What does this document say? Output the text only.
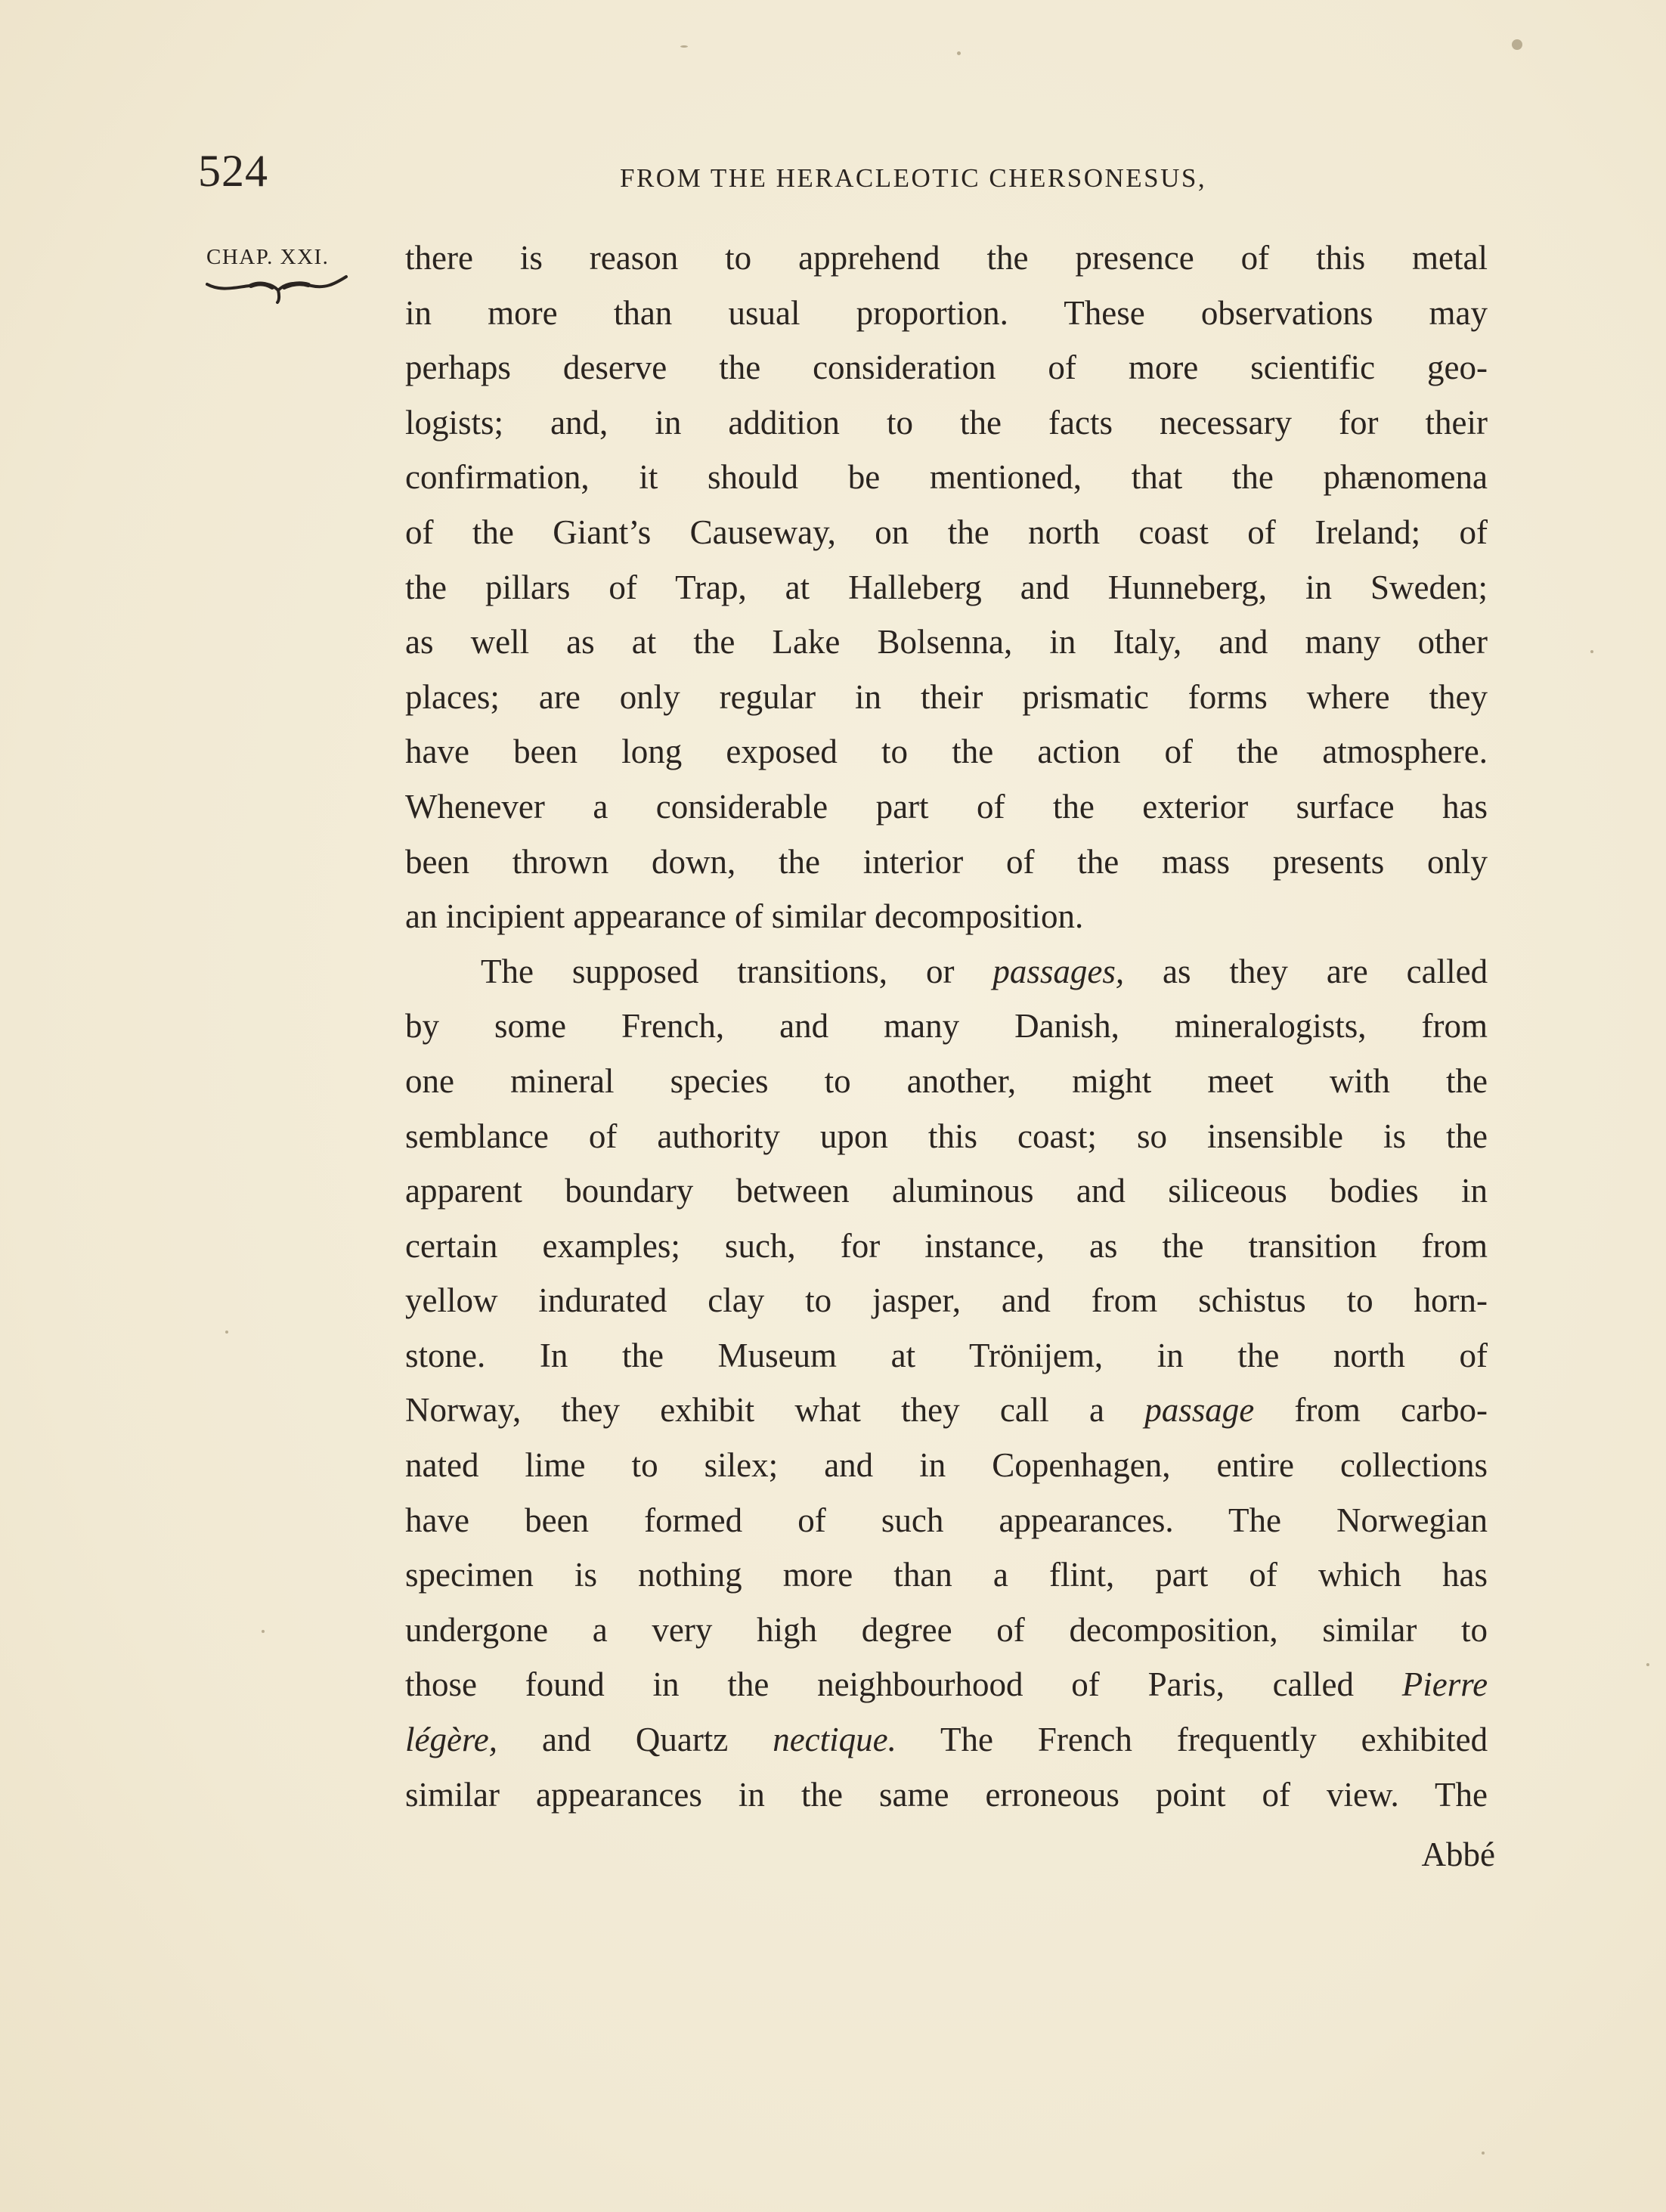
524	FROM THE HERACLEOTIC CHERSONESUS,
CHAP. XXI. there is reason to apprehend the presence of this metal
in more than usual proportion. These observations may
perhaps deserve the consideration of more scientific geo-
logists; and, in addition to the facts necessary for their
confirmation, it should be mentioned, that the phænomena
of the Giant’s Causeway, on the north coast of Ireland; of
the pillars of Trap, at Halleberg and Hunneberg, in Sweden;
as well as at the Lake Bolsenna, in Italy, and many other
places; are only regular in their prismatic forms where they
have been long exposed to the action of the atmosphere.
Whenever a considerable part of the exterior surface has
been thrown down, the interior of the mass presents only
an incipient appearance of similar decomposition.
The supposed transitions, or passages, as they are called
by some French, and many Danish, mineralogists, from
one mineral species to another, might meet with the
semblance of authority upon this coast; so insensible is the
apparent boundary between aluminous and siliceous bodies in
certain examples; such, for instance, as the transition from
yellow indurated clay to jasper, and from schistus to horn-
stone. In the Museum at Trönijem, in the north of
Norway, they exhibit what they call a passage from carbo-
nated lime to silex; and in Copenhagen, entire collections
have been formed of such appearances. The Norwegian
specimen is nothing more than a flint, part of which has
undergone a very high degree of decomposition, similar to
those found in the neighbourhood of Paris, called Pierre
légère, and Quartz nectique. The French frequently exhibited
similar appearances in the same erroneous point of view. The
Abbé
